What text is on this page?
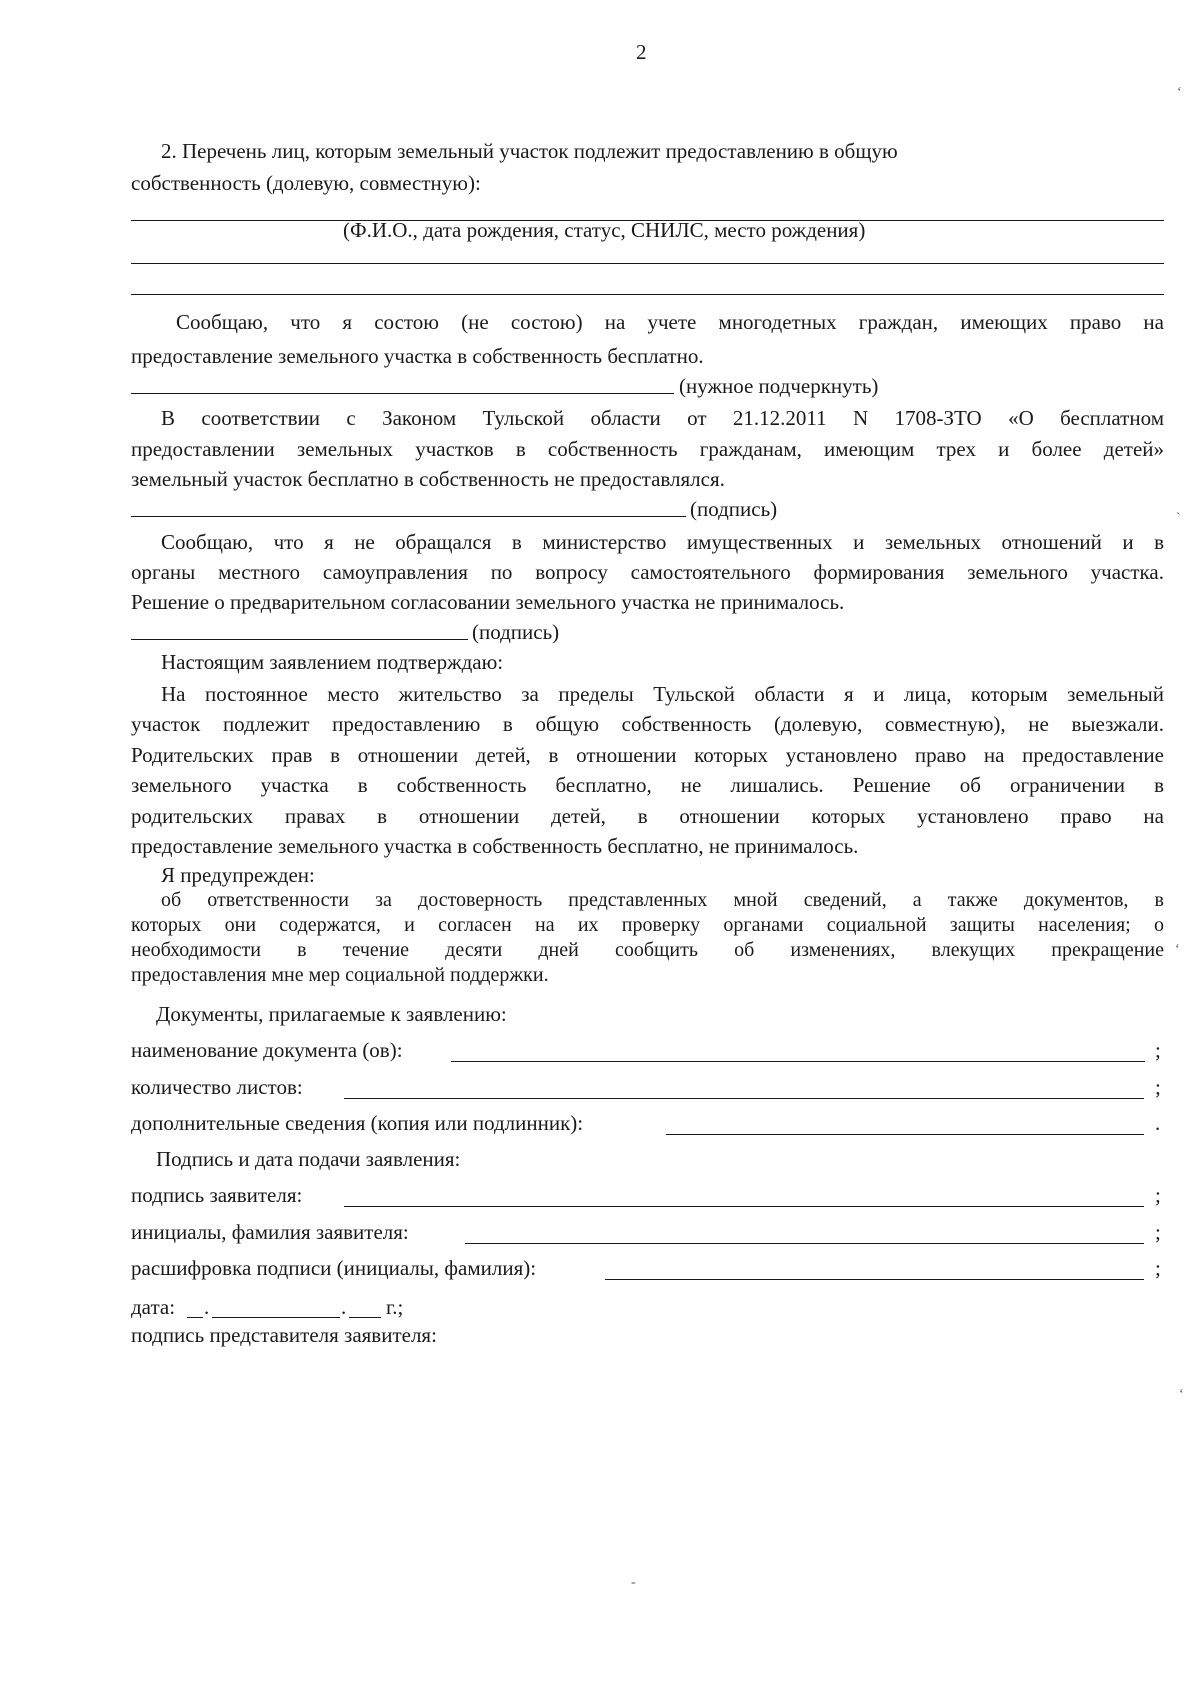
2
2. Перечень лиц, которым земельный участок подлежит предоставлению в общую
собственность (долевую, совместную):
(Ф.И.О., дата рождения, статус, СНИЛС, место рождения)
Сообщаю, что я состою (не состою) на учете многодетных граждан, имеющих право на
предоставление земельного участка в собственность бесплатно.
(нужное подчеркнуть)
В соответствии с Законом Тульской области от 21.12.2011 N 1708-ЗТО «О бесплатном
предоставлении земельных участков в собственность гражданам, имеющим трех и более детей»
земельный участок бесплатно в собственность не предоставлялся.
(подпись)
Сообщаю, что я не обращался в министерство имущественных и земельных отношений и в
органы местного самоуправления по вопросу самостоятельного формирования земельного участка.
Решение о предварительном согласовании земельного участка не принималось.
(подпись)
Настоящим заявлением подтверждаю:
На постоянное место жительство за пределы Тульской области я и лица, которым земельный
участок подлежит предоставлению в общую собственность (долевую, совместную), не выезжали.
Родительских прав в отношении детей, в отношении которых установлено право на предоставление
земельного участка в собственность бесплатно, не лишались. Решение об ограничении в
родительских правах в отношении детей, в отношении которых установлено право на
предоставление земельного участка в собственность бесплатно, не принималось.
Я предупрежден:
об ответственности за достоверность представленных мной сведений, а также документов, в
которых они содержатся, и согласен на их проверку органами социальной защиты населения; о
необходимости в течение десяти дней сообщить об изменениях, влекущих прекращение
предоставления мне мер социальной поддержки.
Документы, прилагаемые к заявлению:
наименование документа (ов):	;
количество листов:	;
дополнительные сведения (копия или подлинник):	.
Подпись и дата подачи заявления:
подпись заявителя:	;
инициалы, фамилия заявителя:	;
расшифровка подписи (инициалы, фамилия):	;
дата: .	. г.;
подпись представителя заявителя:
‘
`
‘
‘
-
